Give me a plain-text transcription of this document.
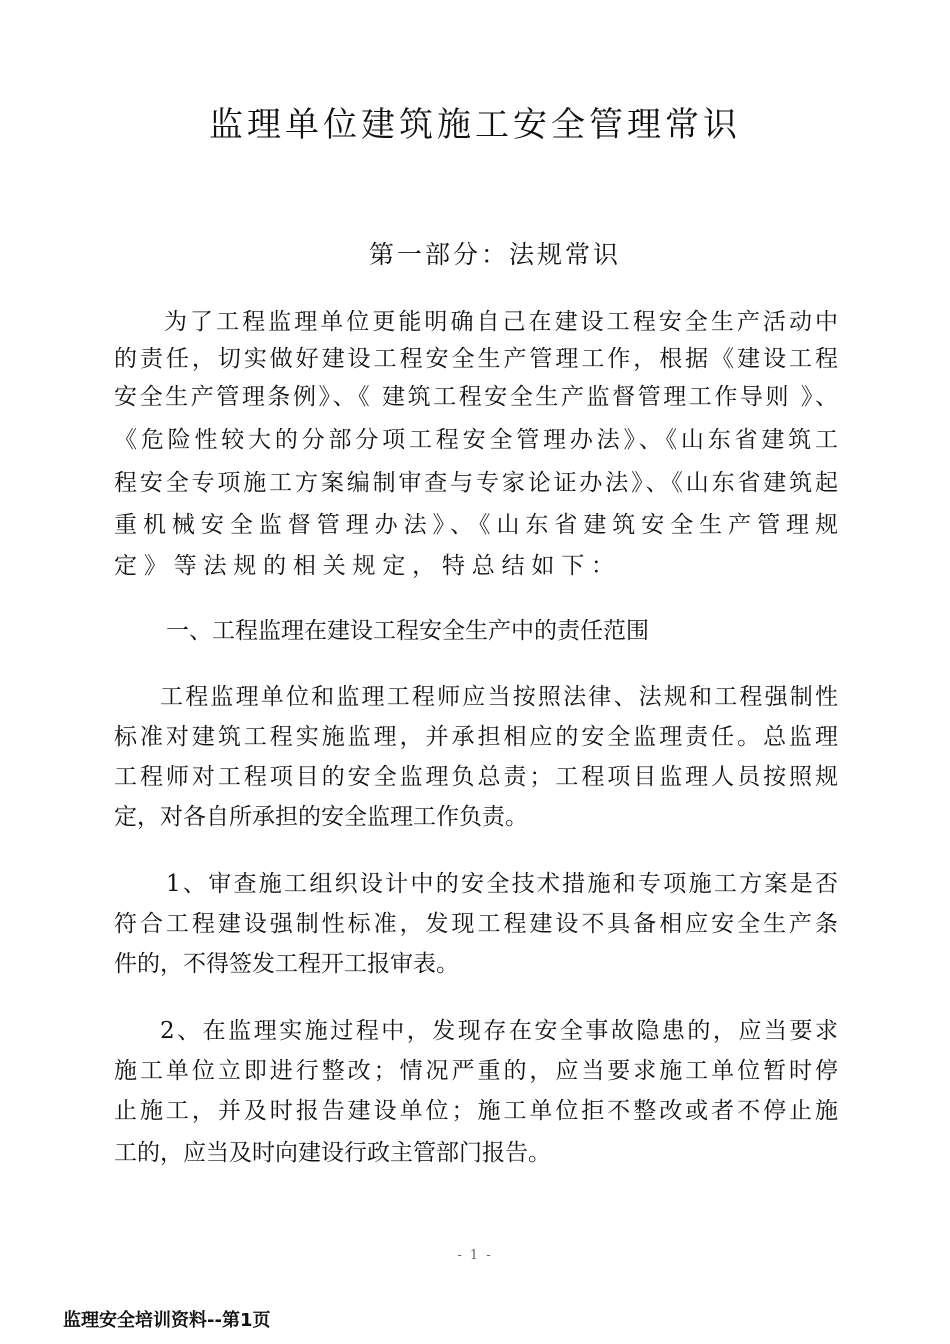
监理单位建筑施工安全管理常识
第一部分：法规常识
为了工程监理单位更能明确自己在建设工程安全生产活动中
的责任，切实做好建设工程安全生产管理工作，根据《建设工程
安全生产管理条例》、《 建筑工程安全生产监督管理工作导则 》、
《危险性较大的分部分项工程安全管理办法》、《山东省建筑工
程安全专项施工方案编制审查与专家论证办法》、《山东省建筑起
重机械安全监督管理办法》、《山东省建筑安全生产管理规
定》等法规的相关规定，特总结如下：
一、工程监理在建设工程安全生产中的责任范围
工程监理单位和监理工程师应当按照法律、法规和工程强制性
标准对建筑工程实施监理，并承担相应的安全监理责任。总监理
工程师对工程项目的安全监理负总责；工程项目监理人员按照规
定，对各自所承担的安全监理工作负责。
1、审查施工组织设计中的安全技术措施和专项施工方案是否
符合工程建设强制性标准，发现工程建设不具备相应安全生产条
件的，不得签发工程开工报审表。
2、在监理实施过程中，发现存在安全事故隐患的，应当要求
施工单位立即进行整改；情况严重的，应当要求施工单位暂时停
止施工，并及时报告建设单位；施工单位拒不整改或者不停止施
工的，应当及时向建设行政主管部门报告。
- 1 -
监理安全培训资料--第1页
